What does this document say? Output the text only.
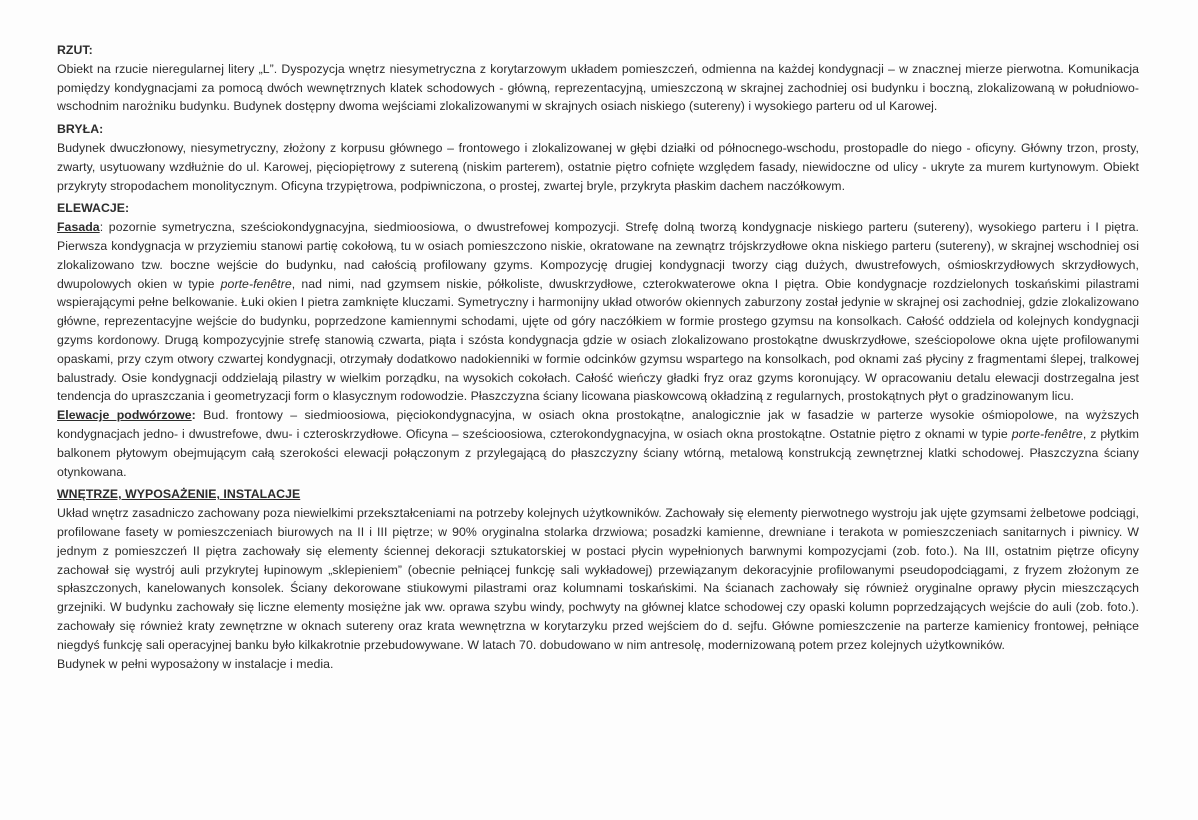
RZUT:

Obiekt na rzucie nieregularnej litery „L”. Dyspozycja wnętrz niesymetryczna z korytarzowym układem pomieszczeń, odmienna na każdej kondygnacji – w znacznej mierze pierwotna. Komunikacja pomiędzy kondygnacjami za pomocą dwóch wewnętrznych klatek schodowych - główną, reprezentacyjną, umieszczoną w skrajnej zachodniej osi budynku i boczną, zlokalizowaną w południowo-wschodnim narożniku budynku. Budynek dostępny dwoma wejściami zlokalizowanymi w skrajnych osiach niskiego (sutereny) i wysokiego parteru od ul Karowej.

BRYŁA:

Budynek dwuczłonowy, niesymetryczny, złożony z korpusu głównego – frontowego i zlokalizowanej w głębi działki od północnego-wschodu, prostopadle do niego - oficyny. Główny trzon, prosty, zwarty, usytuowany wzdłużnie do ul. Karowej, pięciopiętrowy z sutereną (niskim parterem), ostatnie piętro cofnięte względem fasady, niewidoczne od ulicy - ukryte za murem kurtynowym. Obiekt przykryty stropodachem monolitycznym. Oficyna trzypiętrowa, podpiwniczona, o prostej, zwartej bryle, przykryta płaskim dachem naczółkowym.

ELEWACJE:

Fasada: pozornie symetryczna, sześciokondygnacyjna, siedmioosiowa, o dwustrefowej kompozycji. Strefę dolną tworzą kondygnacje niskiego parteru (sutereny), wysokiego parteru i I piętra. Pierwsza kondygnacja w przyziemiu stanowi partię cokołową, tu w osiach pomieszczono niskie, okratowane na zewnątrz trójskrzydłowe okna niskiego parteru (sutereny), w skrajnej wschodniej osi zlokalizowano tzw. boczne wejście do budynku, nad całością profilowany gzyms. Kompozycję drugiej kondygnacji tworzy ciąg dużych, dwustrefowych, ośmioskrzydłowych skrzydłowych, dwupolowych okien w typie porte-fenêtre, nad nimi, nad gzymsem niskie, półkoliste, dwuskrzydłowe, czterokwaterowe okna I piętra. Obie kondygnacje rozdzielonych toskańskimi pilastrami wspierającymi pełne belkowanie. Łuki okien I pietra zamknięte kluczami. Symetryczny i harmonijny układ otworów okiennych zaburzony został jedynie w skrajnej osi zachodniej, gdzie zlokalizowano główne, reprezentacyjne wejście do budynku, poprzedzone kamiennymi schodami, ujęte od góry naczółkiem w formie prostego gzymsu na konsolkach. Całość oddziela od kolejnych kondygnacji gzyms kordonowy. Drugą kompozycyjnie strefę stanowią czwarta, piąta i szósta kondygnacja gdzie w osiach zlokalizowano prostokątne dwuskrzydłowe, sześciopolowe okna ujęte profilowanymi opaskami, przy czym otwory czwartej kondygnacji, otrzymały dodatkowo nadokienniki w formie odcinków gzymsu wspartego na konsolkach, pod oknami zaś płyciny z fragmentami ślepej, tralkowej balustrady. Osie kondygnacji oddzielają pilastry w wielkim porządku, na wysokich cokołach. Całość wieńczy gładki fryz oraz gzyms koronujący. W opracowaniu detalu elewacji dostrzegalna jest tendencja do upraszczania i geometryzacji form o klasycznym rodowodzie. Płaszczyzna ściany licowana piaskowcową okładziną z regularnych, prostokątnych płyt o gradzinowanym licu.

Elewacje podwórzowe: Bud. frontowy – siedmioosiowa, pięciokondygnacyjna, w osiach okna prostokątne, analogicznie jak w fasadzie w parterze wysokie ośmiopolowe, na wyższych kondygnacjach jedno- i dwustrefowe, dwu- i czteroskrzydłowe. Oficyna – sześcioosiowa, czterokondygnacyjna, w osiach okna prostokątne. Ostatnie piętro z oknami w typie porte-fenêtre, z płytkim balkonem płytowym obejmującym całą szerokości elewacji połączonym z przylegającą do płaszczyzny ściany wtórną, metalową konstrukcją zewnętrznej klatki schodowej. Płaszczyzna ściany otynkowana.

WNĘTRZE, WYPOSAŻENIE, INSTALACJE

Układ wnętrz zasadniczo zachowany poza niewielkimi przekształceniami na potrzeby kolejnych użytkowników. Zachowały się elementy pierwotnego wystroju jak ujęte gzymsami żelbetowe podciągi, profilowane fasety w pomieszczeniach biurowych na II i III piętrze; w 90% oryginalna stolarka drzwiowa; posadzki kamienne, drewniane i terakota w pomieszczeniach sanitarnych i piwnicy. W jednym z pomieszczeń II piętra zachowały się elementy ściennej dekoracji sztukatorskiej w postaci płycin wypełnionych barwnymi kompozycjami (zob. foto.). Na III, ostatnim piętrze oficyny zachował się wystrój auli przykrytej łupinowym „sklepieniem” (obecnie pełniącej funkcję sali wykładowej) przewiązanym dekoracyjnie profilowanymi pseudopodciągami, z fryzem złożonym ze spłaszczonych, kanelowanych konsolek. Ściany dekorowane stiukowymi pilastrami oraz kolumnami toskańskimi. Na ścianach zachowały się również oryginalne oprawy płycin mieszczących grzejniki. W budynku zachowały się liczne elementy mosiężne jak ww. oprawa szybu windy, pochwyty na głównej klatce schodowej czy opaski kolumn poprzedzających wejście do auli (zob. foto.). zachowały się również kraty zewnętrzne w oknach sutereny oraz krata wewnętrzna w korytarzyku przed wejściem do d. sejfu. Główne pomieszczenie na parterze kamienicy frontowej, pełniące niegdyś funkcję sali operacyjnej banku było kilkakrotnie przebudowywane. W latach 70. dobudowano w nim antresolę, modernizowaną potem przez kolejnych użytkowników.

Budynek w pełni wyposażony w instalacje i media.
